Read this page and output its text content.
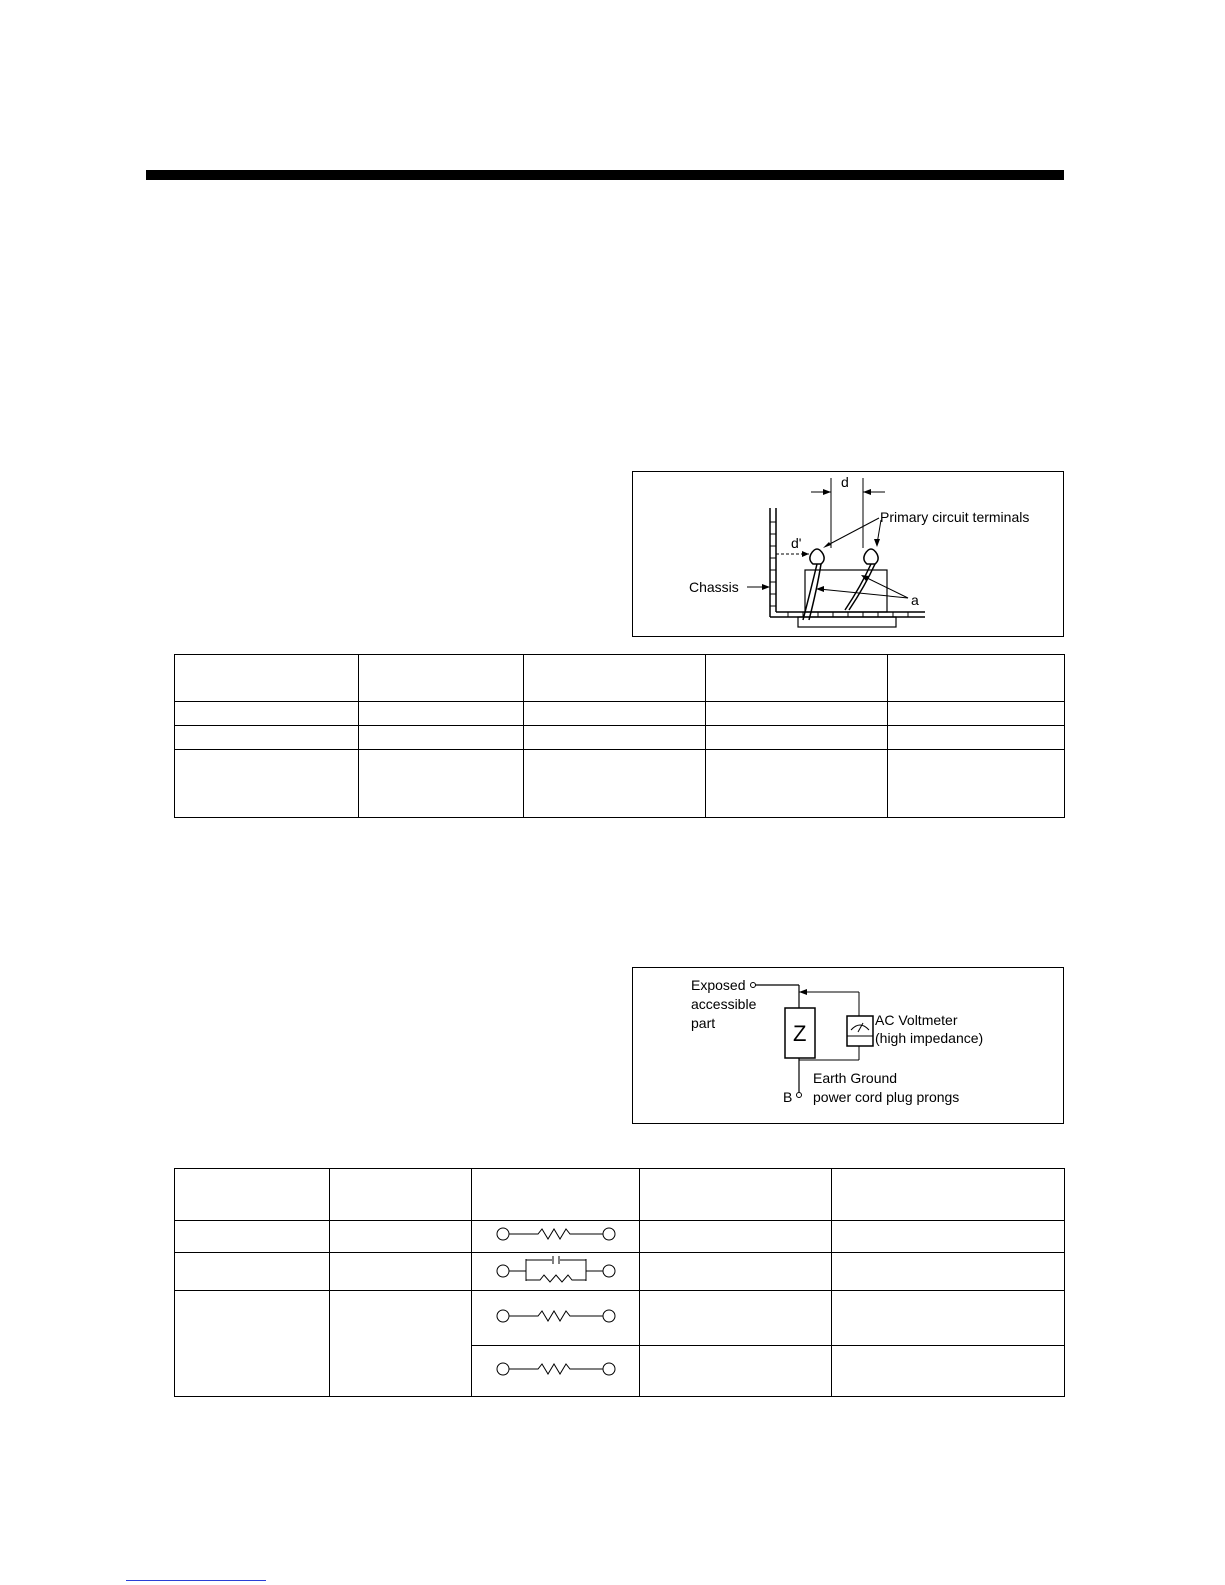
d
d'
Primary circuit terminals
Chassis
a

Exposed
accessible
part	Z
B
AC Voltmeter
(high impedance)
Earth Ground
power cord plug prongs
